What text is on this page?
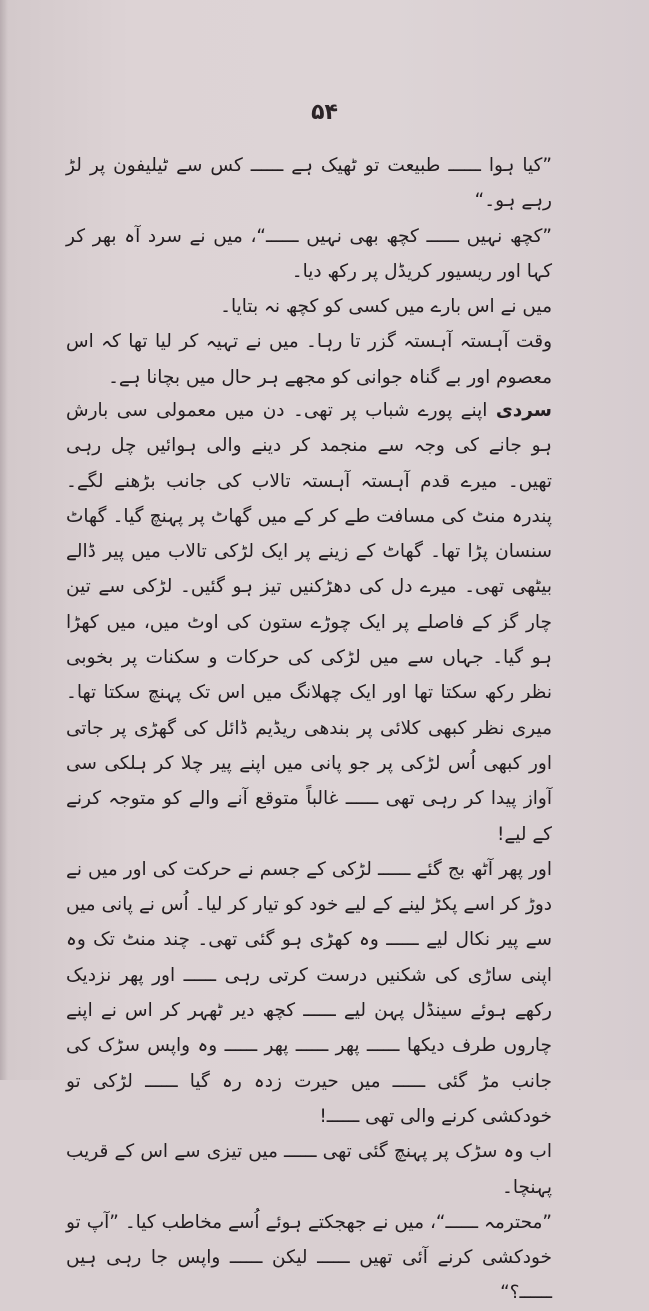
۵۴

”کیا ہوا ــــــ طبیعت تو ٹھیک ہے ــــــ کس سے ٹیلیفون پر لڑ رہے ہو۔“

”کچھ نہیں ــــــ کچھ بھی نہیں ــــــ“، میں نے سرد آہ بھر کر کہا اور ریسیور کریڈل پر رکھ دیا۔

میں نے اس بارے میں کسی کو کچھ نہ بتایا۔

وقت آہستہ آہستہ گزر تا رہا۔ میں نے تہیہ کر لیا تھا کہ اس معصوم اور بے گناہ جوانی کو مجھے ہر حال میں بچانا ہے۔

سردی اپنے پورے شباب پر تھی۔ دن میں معمولی سی بارش ہو جانے کی وجہ سے منجمد کر دینے والی ہوائیں چل رہی تھیں۔ میرے قدم آہستہ آہستہ تالاب کی جانب بڑھنے لگے۔ پندرہ منٹ کی مسافت طے کر کے میں گھاٹ پر پہنچ گیا۔ گھاٹ سنسان پڑا تھا۔ گھاٹ کے زینے پر ایک لڑکی تالاب میں پیر ڈالے بیٹھی تھی۔ میرے دل کی دھڑکنیں تیز ہو گئیں۔ لڑکی سے تین چار گز کے فاصلے پر ایک چوڑے ستون کی اوٹ میں، میں کھڑا ہو گیا۔ جہاں سے میں لڑکی کی حرکات و سکنات پر بخوبی نظر رکھ سکتا تھا اور ایک چھلانگ میں اس تک پہنچ سکتا تھا۔ میری نظر کبھی کلائی پر بندھی ریڈیم ڈائل کی گھڑی پر جاتی اور کبھی اُس لڑکی پر جو پانی میں اپنے پیر چلا کر ہلکی سی آواز پیدا کر رہی تھی ــــــ غالباً متوقع آنے والے کو متوجہ کرنے کے لیے!

اور پھر آٹھ بج گئے ــــــ لڑکی کے جسم نے حرکت کی اور میں نے دوڑ کر اسے پکڑ لینے کے لیے خود کو تیار کر لیا۔ اُس نے پانی میں سے پیر نکال لیے ــــــ وہ کھڑی ہو گئی تھی۔ چند منٹ تک وہ اپنی ساڑی کی شکنیں درست کرتی رہی ــــــ اور پھر نزدیک رکھے ہوئے سینڈل پہن لیے ــــــ کچھ دیر ٹھہر کر اس نے اپنے چاروں طرف دیکھا ــــــ پھر ــــــ پھر ــــــ وہ واپس سڑک کی جانب مڑ گئی ــــــ میں حیرت زدہ رہ گیا ــــــ لڑکی تو خودکشی کرنے والی تھی ــــــ!

اب وہ سڑک پر پہنچ گئی تھی ــــــ میں تیزی سے اس کے قریب پہنچا۔

”محترمہ ــــــ“، میں نے جھجکتے ہوئے اُسے مخاطب کیا۔ ”آپ تو خودکشی کرنے آئی تھیں ــــــ لیکن ــــــ واپس جا رہی ہیں ــــــ؟“
